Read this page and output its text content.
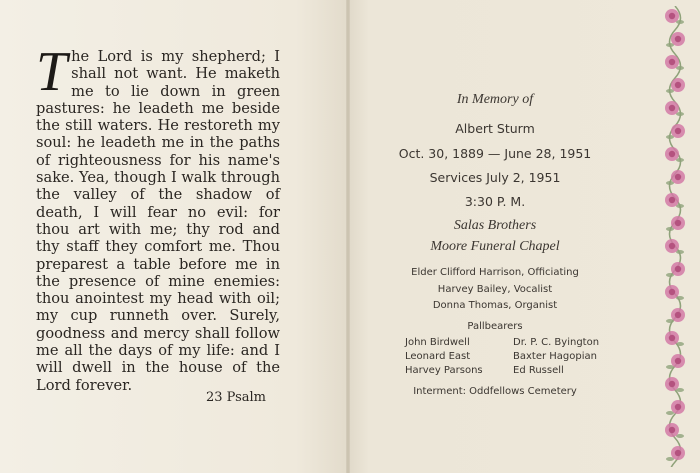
The Lord is my shepherd; I shall not want. He maketh me to lie down in green pastures: he leadeth me beside the still waters. He restoreth my soul: he leadeth me in the paths of righteousness for his name's sake. Yea, though I walk through the valley of the shadow of death, I will fear no evil: for thou art with me; thy rod and thy staff they comfort me. Thou preparest a table before me in the presence of mine enemies: thou anointest my head with oil; my cup runneth over. Surely, goodness and mercy shall follow me all the days of my life: and I will dwell in the house of the Lord forever.
23 Psalm
In Memory of
Albert Sturm
Oct. 30, 1889 — June 28, 1951
Services July 2, 1951
3:30 P. M.
Salas Brothers
Moore Funeral Chapel
Elder Clifford Harrison, Officiating
Harvey Bailey, Vocalist
Donna Thomas, Organist
Pallbearers
Interment: Oddfellows Cemetery
John Birdwell	Dr. P. C. Byington
Leonard East	Baxter Hagopian
Harvey Parsons	Ed Russell
